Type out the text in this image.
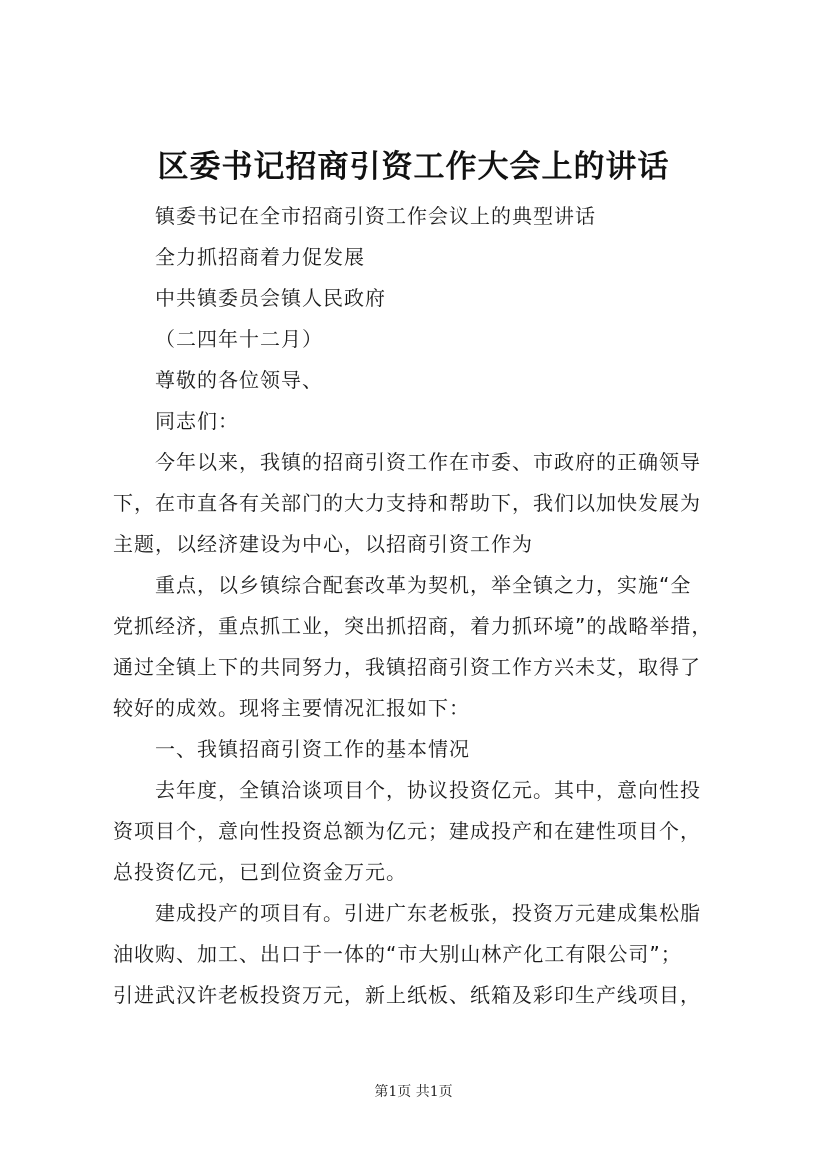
区委书记招商引资工作大会上的讲话
镇委书记在全市招商引资工作会议上的典型讲话
全力抓招商着力促发展
中共镇委员会镇人民政府
（二四年十二月）
尊敬的各位领导、
同志们：
今年以来，我镇的招商引资工作在市委、市政府的正确领导
下，在市直各有关部门的大力支持和帮助下，我们以加快发展为
主题，以经济建设为中心，以招商引资工作为
重点，以乡镇综合配套改革为契机，举全镇之力，实施“全
党抓经济，重点抓工业，突出抓招商，着力抓环境”的战略举措，
通过全镇上下的共同努力，我镇招商引资工作方兴未艾，取得了
较好的成效。现将主要情况汇报如下：
一、我镇招商引资工作的基本情况
去年度，全镇洽谈项目个，协议投资亿元。其中，意向性投
资项目个，意向性投资总额为亿元；建成投产和在建性项目个，
总投资亿元，已到位资金万元。
建成投产的项目有。引进广东老板张，投资万元建成集松脂
油收购、加工、出口于一体的“市大别山林产化工有限公司”；
引进武汉许老板投资万元，新上纸板、纸箱及彩印生产线项目，
第1页 共1页
